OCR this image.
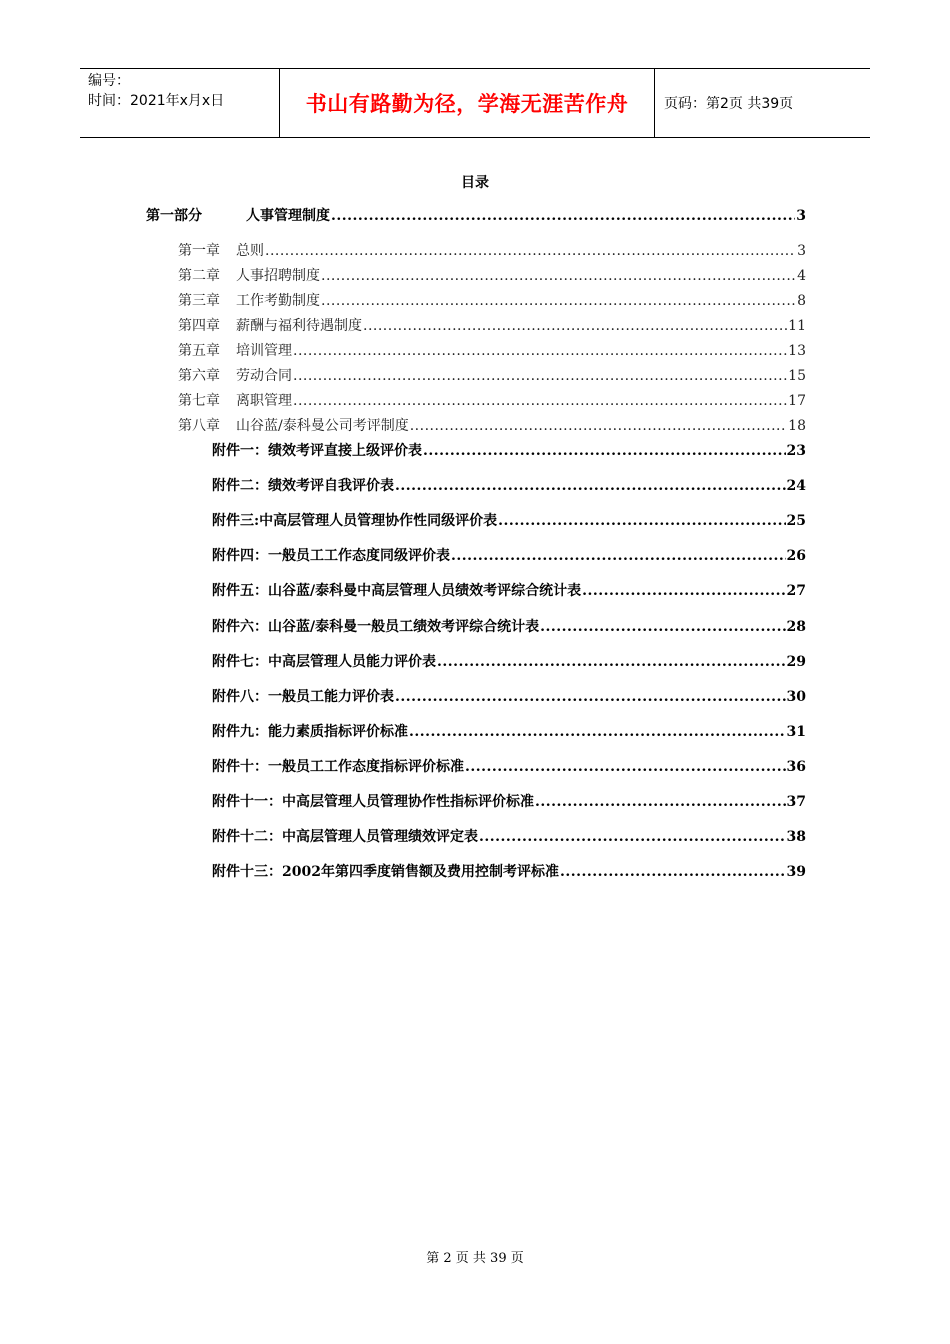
编号：
时间：2021年x月x日	书山有路勤为径，学海无涯苦作舟	页码：第2页 共39页
目录
第一部分	人事管理制度 .....	3
第一章 总则 .....	3
第二章 人事招聘制度 .....	4
第三章 工作考勤制度 .....	8
第四章 薪酬与福利待遇制度 .....	11
第五章 培训管理 .....	13
第六章 劳动合同 .....	15
第七章 离职管理 .....	17
第八章 山谷蓝/泰科曼公司考评制度 .....	18
附件一：绩效考评直接上级评价表 .....	23
附件二：绩效考评自我评价表 .....	24
附件三:中高层管理人员管理协作性同级评价表 .....	25
附件四：一般员工工作态度同级评价表 .....	26
附件五：山谷蓝/泰科曼中高层管理人员绩效考评综合统计表 .....	27
附件六：山谷蓝/泰科曼一般员工绩效考评综合统计表 .....	28
附件七：中高层管理人员能力评价表 .....	29
附件八：一般员工能力评价表 .....	30
附件九：能力素质指标评价标准 .....	31
附件十：一般员工工作态度指标评价标准 .....	36
附件十一：中高层管理人员管理协作性指标评价标准 .....	37
附件十二：中高层管理人员管理绩效评定表 .....	38
附件十三：2002年第四季度销售额及费用控制考评标准 .....	39
第 2 页 共 39 页
